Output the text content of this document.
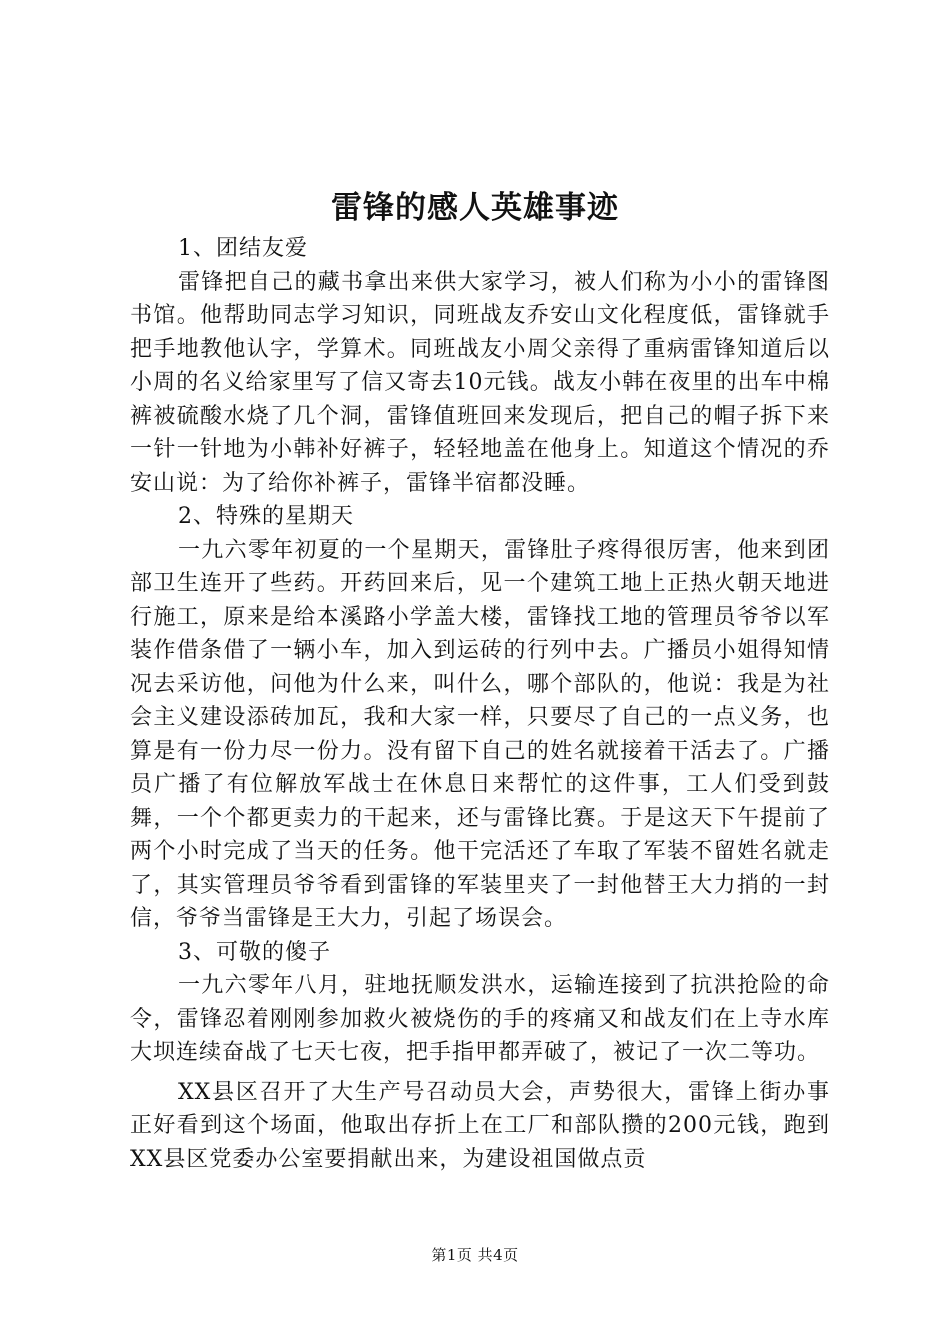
雷锋的感人英雄事迹

1、团结友爱

雷锋把自己的藏书拿出来供大家学习，被人们称为小小的雷锋图书馆。他帮助同志学习知识，同班战友乔安山文化程度低，雷锋就手把手地教他认字，学算术。同班战友小周父亲得了重病雷锋知道后以小周的名义给家里写了信又寄去10元钱。战友小韩在夜里的出车中棉裤被硫酸水烧了几个洞，雷锋值班回来发现后，把自己的帽子拆下来一针一针地为小韩补好裤子，轻轻地盖在他身上。知道这个情况的乔安山说：为了给你补裤子，雷锋半宿都没睡。

2、特殊的星期天

一九六零年初夏的一个星期天，雷锋肚子疼得很厉害，他来到团部卫生连开了些药。开药回来后，见一个建筑工地上正热火朝天地进行施工，原来是给本溪路小学盖大楼，雷锋找工地的管理员爷爷以军装作借条借了一辆小车，加入到运砖的行列中去。广播员小姐得知情况去采访他，问他为什么来，叫什么，哪个部队的，他说：我是为社会主义建设添砖加瓦，我和大家一样，只要尽了自己的一点义务，也算是有一份力尽一份力。没有留下自己的姓名就接着干活去了。广播员广播了有位解放军战士在休息日来帮忙的这件事，工人们受到鼓舞，一个个都更卖力的干起来，还与雷锋比赛。于是这天下午提前了两个小时完成了当天的任务。他干完活还了车取了军装不留姓名就走了，其实管理员爷爷看到雷锋的军装里夹了一封他替王大力捎的一封信，爷爷当雷锋是王大力，引起了场误会。

3、可敬的傻子

一九六零年八月，驻地抚顺发洪水，运输连接到了抗洪抢险的命令，雷锋忍着刚刚参加救火被烧伤的手的疼痛又和战友们在上寺水库大坝连续奋战了七天七夜，把手指甲都弄破了，被记了一次二等功。

XX县区召开了大生产号召动员大会，声势很大，雷锋上街办事正好看到这个场面，他取出存折上在工厂和部队攒的200元钱，跑到XX县区党委办公室要捐献出来，为建设祖国做点贡

第1页 共4页
